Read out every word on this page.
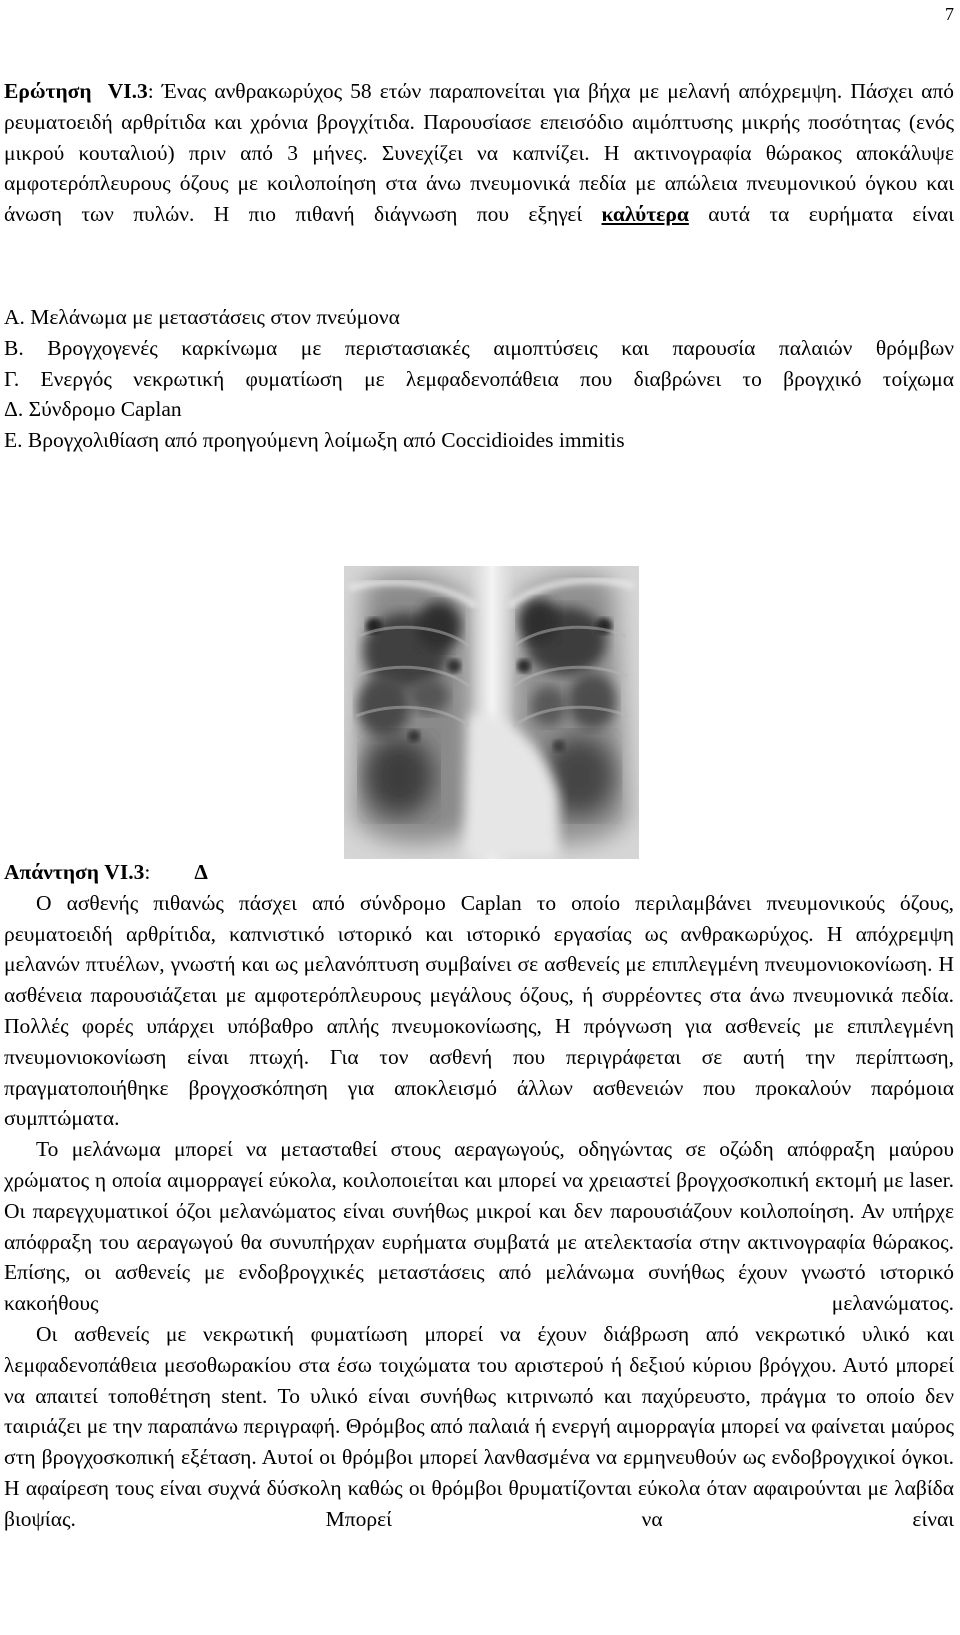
7

Ερώτηση VI.3: Ένας ανθρακωρύχος 58 ετών παραπονείται για βήχα με μελανή απόχρεμψη. Πάσχει από ρευματοειδή αρθρίτιδα και χρόνια βρογχίτιδα. Παρουσίασε επεισόδιο αιμόπτυσης μικρής ποσότητας (ενός μικρού κουταλιού) πριν από 3 μήνες. Συνεχίζει να καπνίζει. Η ακτινογραφία θώρακος αποκάλυψε αμφοτερόπλευρους όζους με κοιλοποίηση στα άνω πνευμονικά πεδία με απώλεια πνευμονικού όγκου και άνωση των πυλών. Η πιο πιθανή διάγνωση που εξηγεί καλύτερα αυτά τα ευρήματα είναι

Α. Μελάνωμα με μεταστάσεις στον πνεύμονα
Β. Βρογχογενές καρκίνωμα με περιστασιακές αιμοπτύσεις και παρουσία παλαιών θρόμβων
Γ. Ενεργός νεκρωτική φυματίωση με λεμφαδενοπάθεια που διαβρώνει το βρογχικό τοίχωμα
Δ. Σύνδρομο Caplan
Ε. Βρογχολιθίαση από προηγούμενη λοίμωξη από Coccidioides immitis

Απάντηση VI.3: Δ

Ο ασθενής πιθανώς πάσχει από σύνδρομο Caplan το οποίο περιλαμβάνει πνευμονικούς όζους, ρευματοειδή αρθρίτιδα, καπνιστικό ιστορικό και ιστορικό εργασίας ως ανθρακωρύχος. Η απόχρεμψη μελανών πτυέλων, γνωστή και ως μελανόπτυση συμβαίνει σε ασθενείς με επιπλεγμένη πνευμονιοκονίωση. Η ασθένεια παρουσιάζεται με αμφοτερόπλευρους μεγάλους όζους, ή συρρέοντες στα άνω πνευμονικά πεδία. Πολλές φορές υπάρχει υπόβαθρο απλής πνευμοκονίωσης, Η πρόγνωση για ασθενείς με επιπλεγμένη πνευμονιοκονίωση είναι πτωχή. Για τον ασθενή που περιγράφεται σε αυτή την περίπτωση, πραγματοποιήθηκε βρογχοσκόπηση για αποκλεισμό άλλων ασθενειών που προκαλούν παρόμοια συμπτώματα.

Το μελάνωμα μπορεί να μετασταθεί στους αεραγωγούς, οδηγώντας σε οζώδη απόφραξη μαύρου χρώματος η οποία αιμορραγεί εύκολα, κοιλοποιείται και μπορεί να χρειαστεί βρογχοσκοπική εκτομή με laser. Οι παρεγχυματικοί όζοι μελανώματος είναι συνήθως μικροί και δεν παρουσιάζουν κοιλοποίηση. Αν υπήρχε απόφραξη του αεραγωγού θα συνυπήρχαν ευρήματα συμβατά με ατελεκτασία στην ακτινογραφία θώρακος. Επίσης, οι ασθενείς με ενδοβρογχικές μεταστάσεις από μελάνωμα συνήθως έχουν γνωστό ιστορικό κακοήθους μελανώματος.

Οι ασθενείς με νεκρωτική φυματίωση μπορεί να έχουν διάβρωση από νεκρωτικό υλικό και λεμφαδενοπάθεια μεσοθωρακίου στα έσω τοιχώματα του αριστερού ή δεξιού κύριου βρόγχου. Αυτό μπορεί να απαιτεί τοποθέτηση stent. Το υλικό είναι συνήθως κιτρινωπό και παχύρευστο, πράγμα το οποίο δεν ταιριάζει με την παραπάνω περιγραφή. Θρόμβος από παλαιά ή ενεργή αιμορραγία μπορεί να φαίνεται μαύρος στη βρογχοσκοπική εξέταση. Αυτοί οι θρόμβοι μπορεί λανθασμένα να ερμηνευθούν ως ενδοβρογχικοί όγκοι. Η αφαίρεση τους είναι συχνά δύσκολη καθώς οι θρόμβοι θρυματίζονται εύκολα όταν αφαιρούνται με λαβίδα βιοψίας. Μπορεί να είναι
